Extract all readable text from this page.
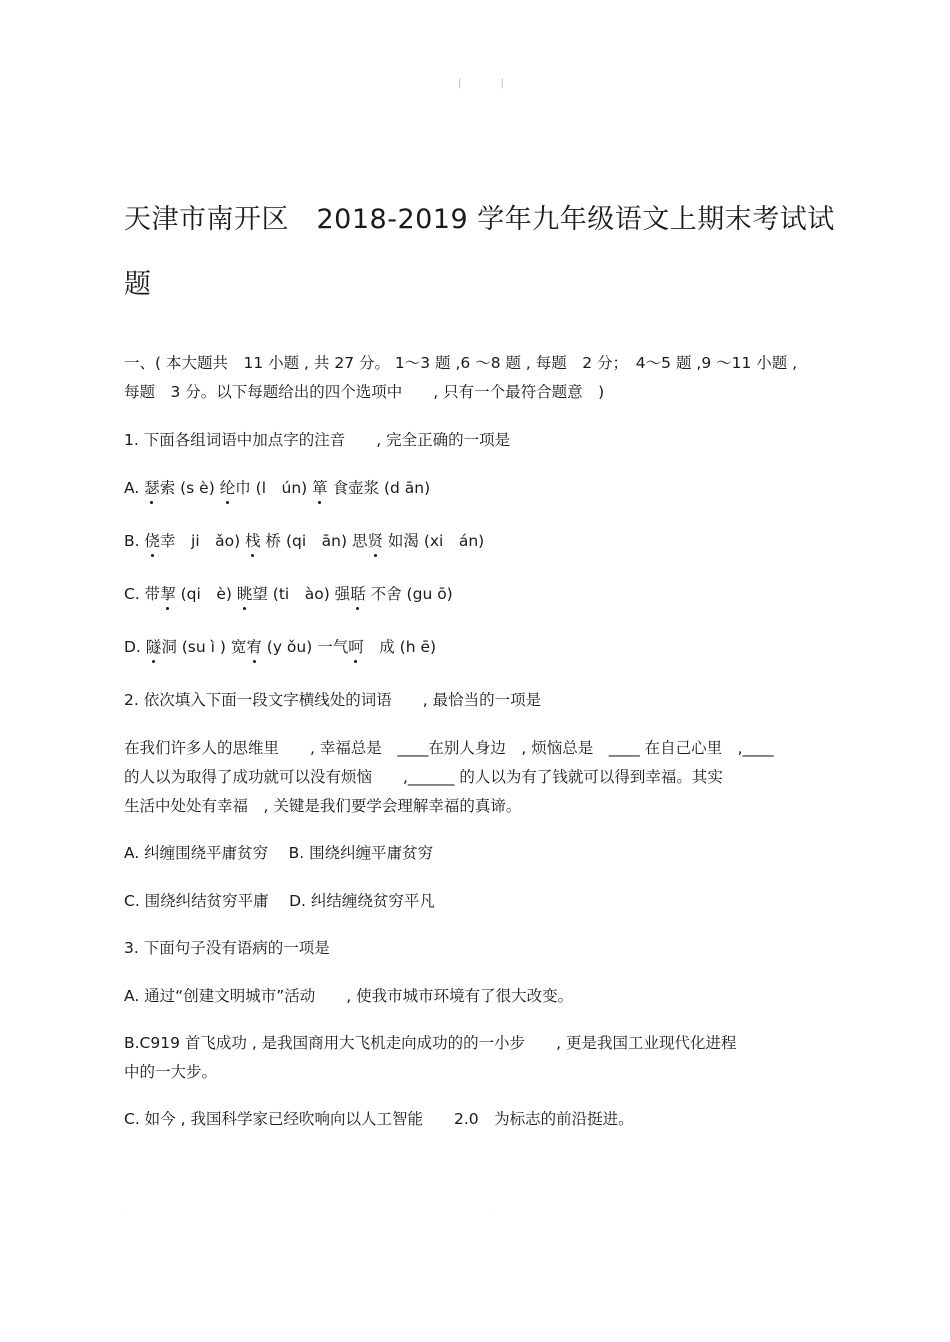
| |
天津市南开区　2018-2019 学年九年级语文上期末考试试
题
一、( 本大题共　11 小题 , 共 27 分。 1～3 题 ,6 ～8 题 , 每题　2 分；　4～5 题 ,9 ～11 小题 ,
每题　3 分。以下每题给出的四个选项中　　, 只有一个最符合题意　)
1. 下面各组词语中加点字的注音　　, 完全正确的一项是
A. 瑟索 (s è) 纶巾 (l　ún) 箪 食壶浆 (d ān)
B. 侥幸　ji　ǎo) 栈 桥 (qi　ān) 思贤 如渴 (xi　án)
C. 带挈 (qi　è) 眺望 (ti　ào) 强聒 不舍 (gu ō)
D. 隧洞 (su ì ) 宽宥 (y ǒu) 一气呵　成 (h ē)
2. 依次填入下面一段文字横线处的词语　　, 最恰当的一项是
在我们许多人的思维里　　, 幸福总是　____在别人身边　, 烦恼总是　____ 在自己心里　,____
的人以为取得了成功就可以没有烦恼　　,______ 的人以为有了钱就可以得到幸福。其实
生活中处处有幸福　, 关键是我们要学会理解幸福的真谛。
A. 纠缠围绕平庸贫穷　 B. 围绕纠缠平庸贫穷
C. 围绕纠结贫穷平庸　 D. 纠结缠绕贫穷平凡
3. 下面句子没有语病的一项是
A. 通过“创建文明城市”活动　　, 使我市城市环境有了很大改变。
B.C919 首飞成功 , 是我国商用大飞机走向成功的的一小步　　, 更是我国工业现代化进程
中的一大步。
C. 如今 , 我国科学家已经吹响向以人工智能　　2.0　为标志的前沿挺进。
·	·
